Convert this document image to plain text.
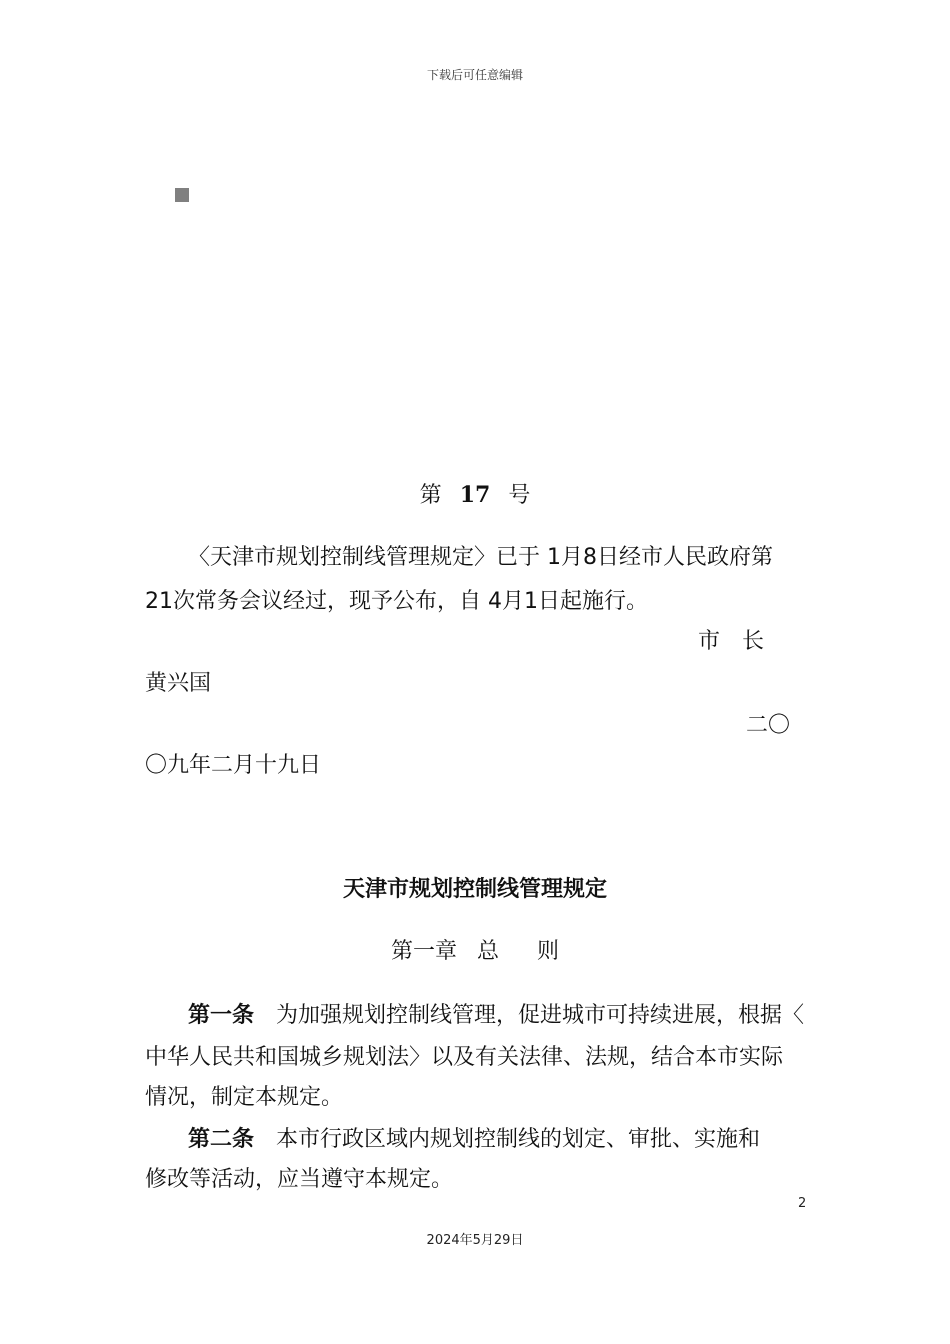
下载后可任意编辑
第 17 号
〈天津市规划控制线管理规定〉已于 1月8日经市人民政府第
21次常务会议经过，现予公布，自 4月1日起施行。
市　长
黄兴国
二〇
〇九年二月十九日
天津市规划控制线管理规定
第一章 总 则
第一条 为加强规划控制线管理，促进城市可持续进展，根据〈
中华人民共和国城乡规划法〉以及有关法律、法规，结合本市实际
情况，制定本规定。
第二条 本市行政区域内规划控制线的划定、审批、实施和
修改等活动，应当遵守本规定。
2
2024年5月29日
